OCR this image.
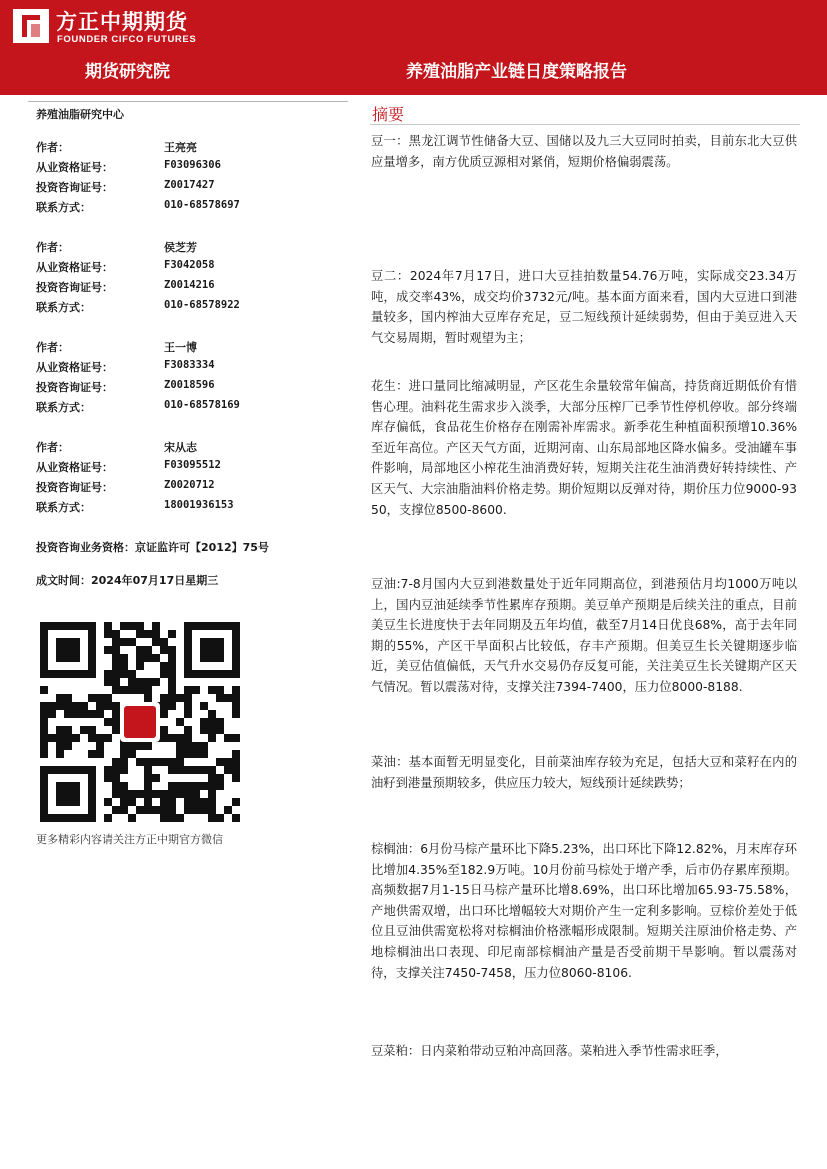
方正中期期货
FOUNDER CIFCO FUTURES
期货研究院	养殖油脂产业链日度策略报告
养殖油脂研究中心
作者：	王亮亮
从业资格证号：	F03096306
投资咨询证号：	Z0017427
联系方式：	010-68578697
作者：	侯芝芳
从业资格证号：	F3042058
投资咨询证号：	Z0014216
联系方式：	010-68578922
作者：	王一博
从业资格证号：	F3083334
投资咨询证号：	Z0018596
联系方式：	010-68578169
作者：	宋从志
从业资格证号：	F03095512
投资咨询证号：	Z0020712
联系方式：	18001936153
投资咨询业务资格：京证监许可【2012】75号
成文时间：2024年07月17日星期三
更多精彩内容请关注方正中期官方微信
摘要
豆一：黑龙江调节性储备大豆、国储以及九三大豆同时拍卖，目前东北大豆供应量增多，南方优质豆源相对紧俏，短期价格偏弱震荡。
豆二：2024年7月17日，进口大豆挂拍数量54.76万吨，实际成交23.34万吨，成交率43%，成交均价3732元/吨。基本面方面来看，国内大豆进口到港量较多，国内榨油大豆库存充足，豆二短线预计延续弱势，但由于美豆进入天气交易周期，暂时观望为主；
花生：进口量同比缩减明显，产区花生余量较常年偏高，持货商近期低价有惜售心理。油料花生需求步入淡季，大部分压榨厂已季节性停机停收。部分终端库存偏低，食品花生价格存在刚需补库需求。新季花生种植面积预增10.36%至近年高位。产区天气方面，近期河南、山东局部地区降水偏多。受油罐车事件影响，局部地区小榨花生油消费好转，短期关注花生油消费好转持续性、产区天气、大宗油脂油料价格走势。期价短期以反弹对待，期价压力位9000-9350，支撑位8500-8600.
豆油:7-8月国内大豆到港数量处于近年同期高位，到港预估月均1000万吨以上，国内豆油延续季节性累库存预期。美豆单产预期是后续关注的重点，目前美豆生长进度快于去年同期及五年均值，截至7月14日优良68%，高于去年同期的55%，产区干旱面积占比较低，存丰产预期。但美豆生长关键期逐步临近，美豆估值偏低，天气升水交易仍存反复可能，关注美豆生长关键期产区天气情况。暂以震荡对待，支撑关注7394-7400，压力位8000-8188.
菜油：基本面暂无明显变化，目前菜油库存较为充足，包括大豆和菜籽在内的油籽到港量预期较多，供应压力较大，短线预计延续跌势；
棕榈油：6月份马棕产量环比下降5.23%，出口环比下降12.82%，月末库存环比增加4.35%至182.9万吨。10月份前马棕处于增产季，后市仍存累库预期。高频数据7月1-15日马棕产量环比增8.69%，出口环比增加65.93-75.58%，产地供需双增，出口环比增幅较大对期价产生一定利多影响。豆棕价差处于低位且豆油供需宽松将对棕榈油价格涨幅形成限制。短期关注原油价格走势、产地棕榈油出口表现、印尼南部棕榈油产量是否受前期干旱影响。暂以震荡对待，支撑关注7450-7458，压力位8060-8106.
豆菜粕：日内菜粕带动豆粕冲高回落。菜粕进入季节性需求旺季，
